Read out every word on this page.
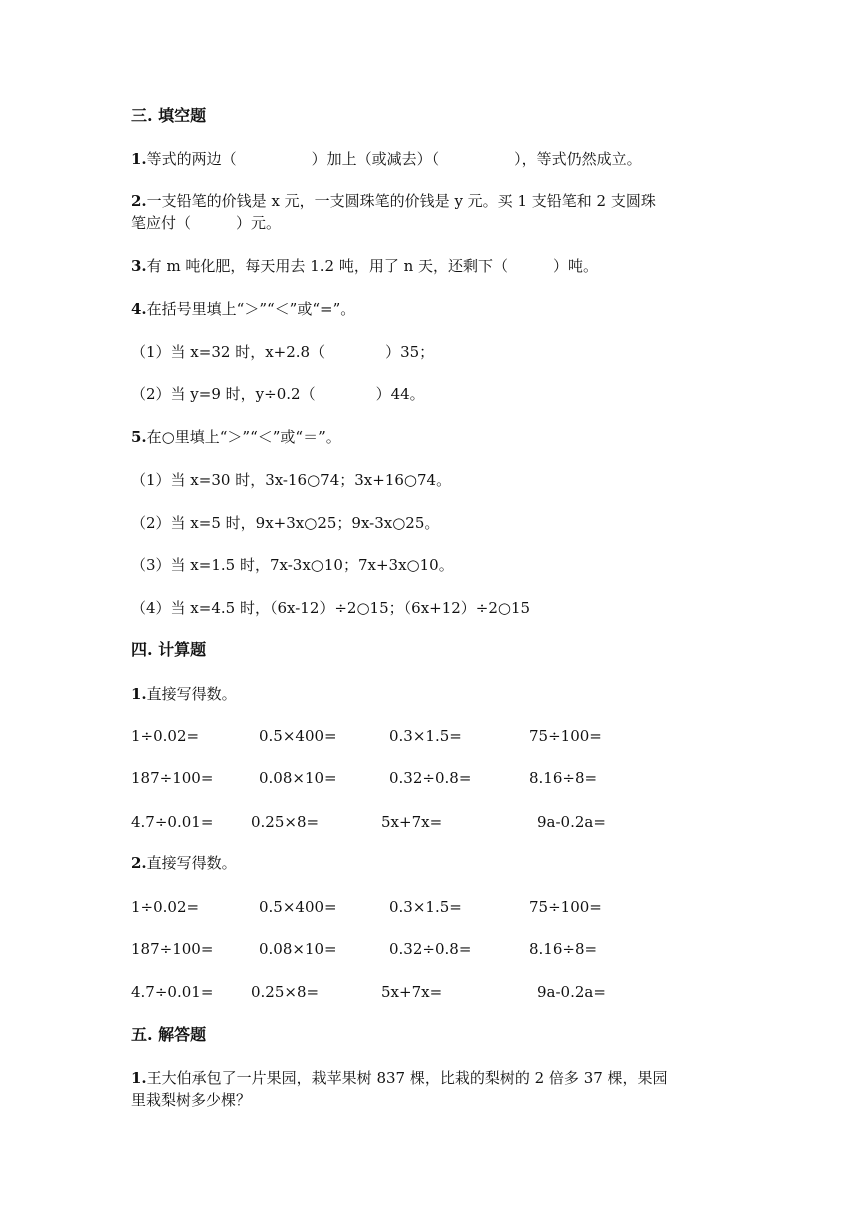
三. 填空题
1.等式的两边（　　　　　）加上（或减去）（　　　　　），等式仍然成立。
2.一支铅笔的价钱是 x 元，一支圆珠笔的价钱是 y 元。买 1 支铅笔和 2 支圆珠
笔应付（　　　）元。
3.有 m 吨化肥，每天用去 1.2 吨，用了 n 天，还剩下（　　　）吨。
4.在括号里填上“＞”“＜”或“=”。
（1）当 x=32 时，x+2.8（　　　　）35；
（2）当 y=9 时，y÷0.2（　　　　）44。
5.在○里填上“＞”“＜”或“＝”。
（1）当 x=30 时，3x-16○74；3x+16○74。
（2）当 x=5 时，9x+3x○25；9x-3x○25。
（3）当 x=1.5 时，7x-3x○10；7x+3x○10。
（4）当 x=4.5 时，（6x-12）÷2○15；（6x+12）÷2○15
四. 计算题
1.直接写得数。
1÷0.02=	0.5×400=	0.3×1.5=	75÷100=
187÷100=	0.08×10=	0.32÷0.8=	8.16÷8=
4.7÷0.01=	0.25×8=	5x+7x=	9a-0.2a=
2.直接写得数。
1÷0.02=	0.5×400=	0.3×1.5=	75÷100=
187÷100=	0.08×10=	0.32÷0.8=	8.16÷8=
4.7÷0.01=	0.25×8=	5x+7x=	9a-0.2a=
五. 解答题
1.王大伯承包了一片果园，栽苹果树 837 棵，比栽的梨树的 2 倍多 37 棵，果园
里栽梨树多少棵？
